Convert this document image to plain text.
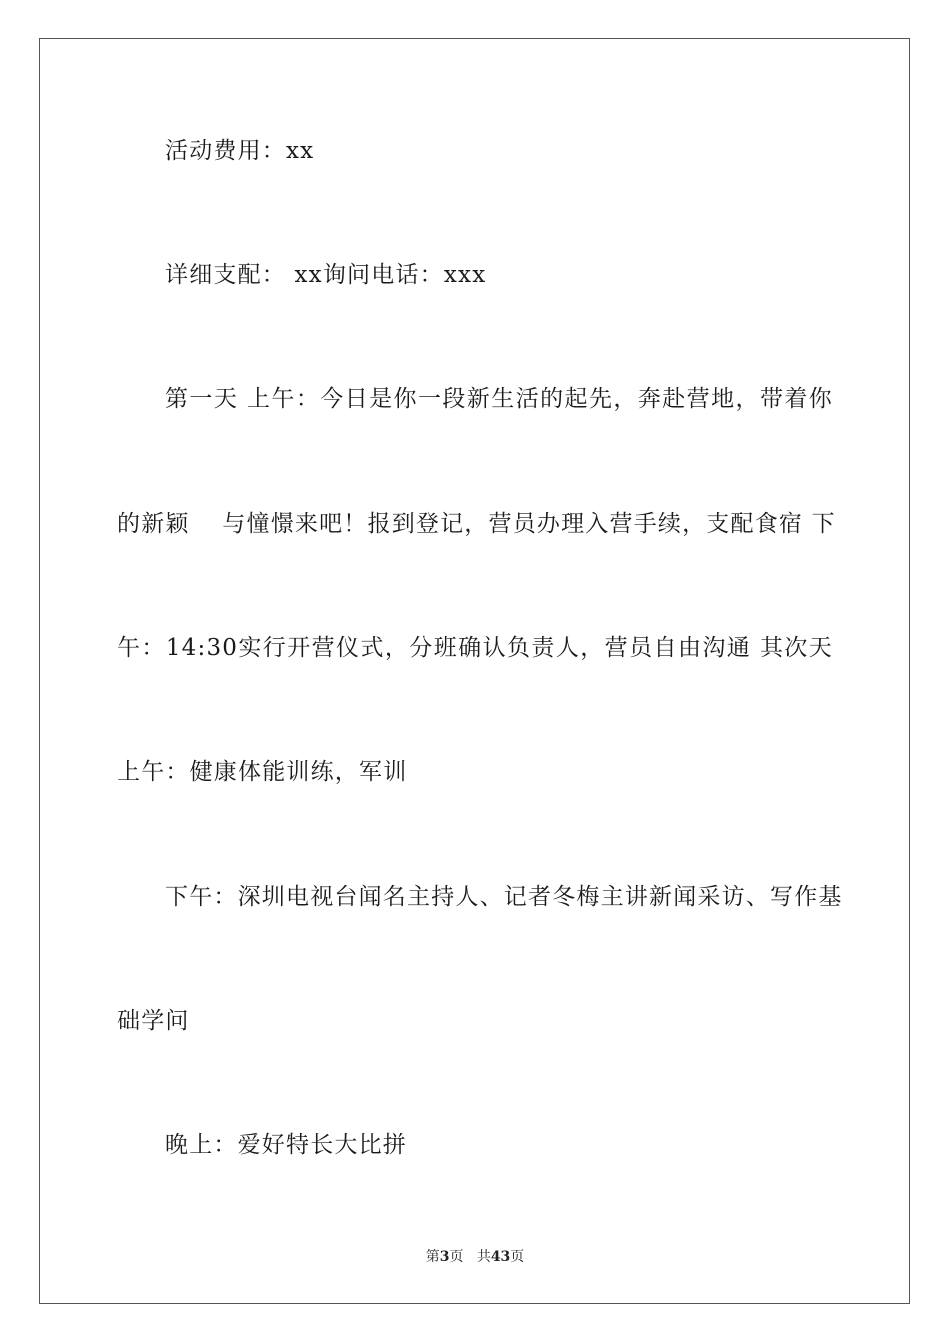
活动费用：xx
详细支配： xx询问电话：xxx
第一天 上午：今日是你一段新生活的起先，奔赴营地，带着你
的新颖　 与憧憬来吧！报到登记，营员办理入营手续，支配食宿 下
午：14:30实行开营仪式，分班确认负责人，营员自由沟通 其次天
上午：健康体能训练，军训
下午：深圳电视台闻名主持人、记者冬梅主讲新闻采访、写作基
础学问
晚上：爱好特长大比拼
第3页 共43页
